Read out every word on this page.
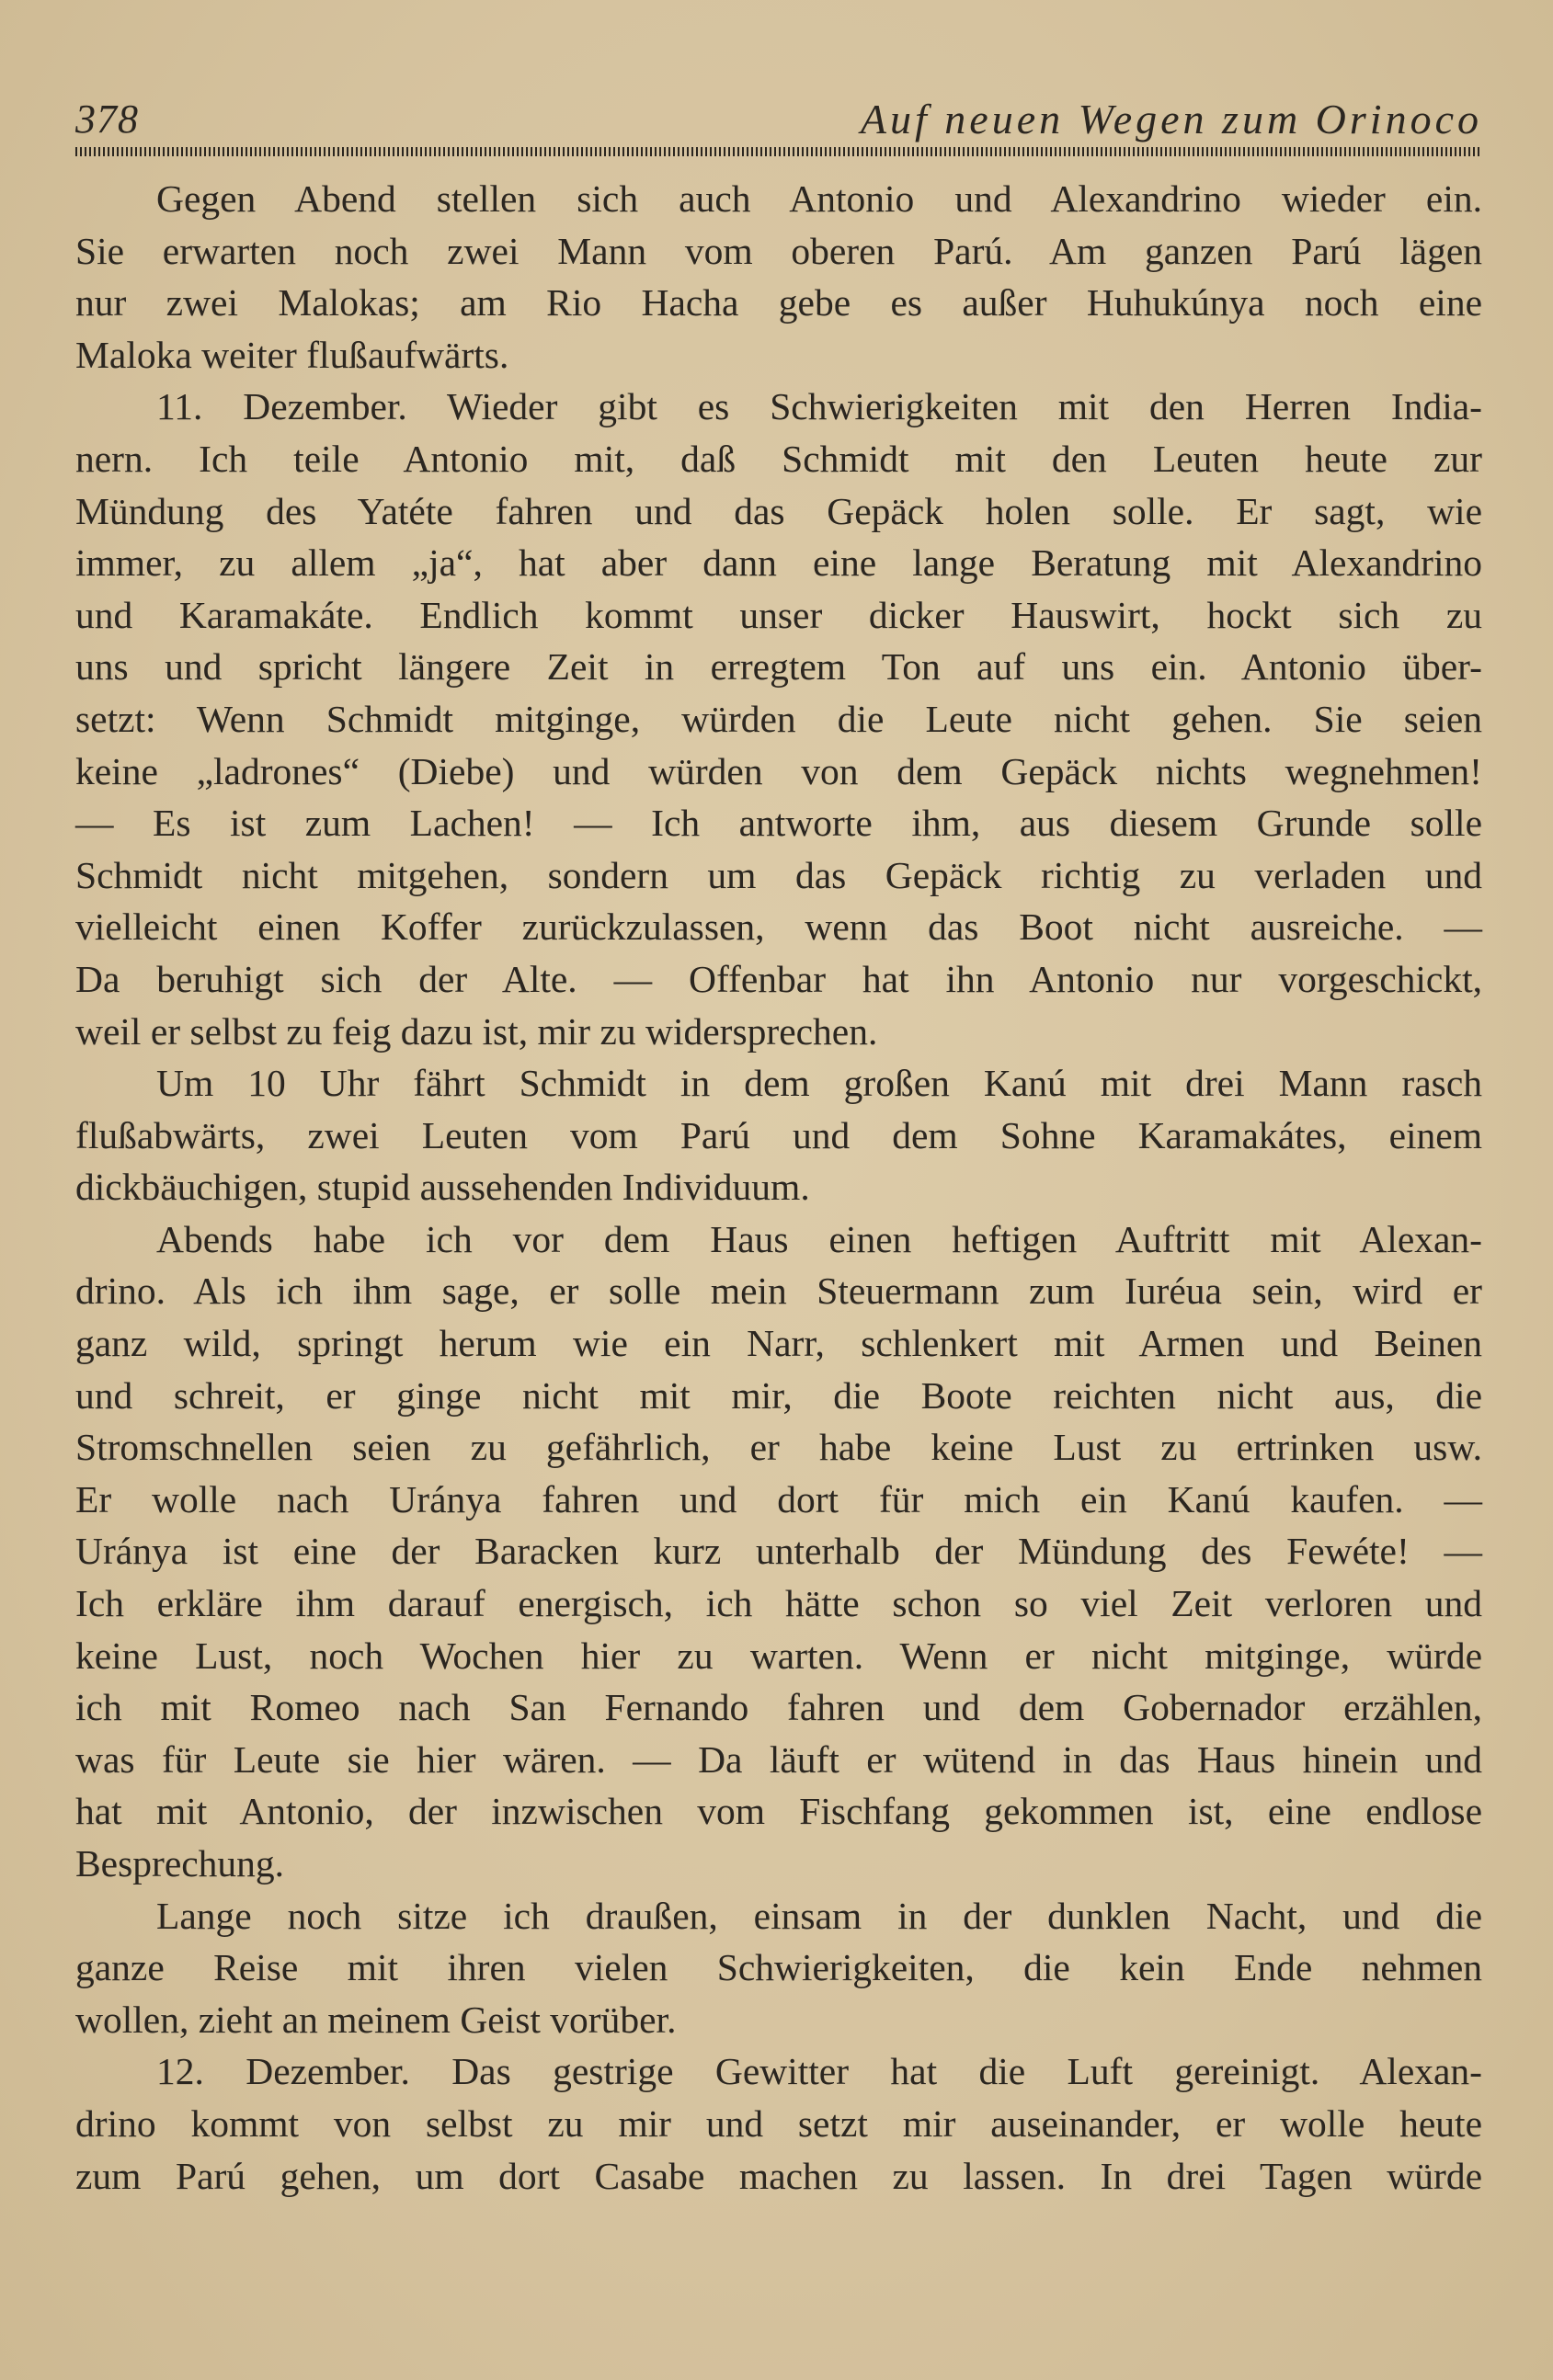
378	Auf neuen Wegen zum Orinoco
Gegen Abend stellen sich auch Antonio und Alexandrino wieder ein.
Sie erwarten noch zwei Mann vom oberen Parú. Am ganzen Parú lägen
nur zwei Malokas; am Rio Hacha gebe es außer Huhukúnya noch eine
Maloka weiter flußaufwärts.
11. Dezember. Wieder gibt es Schwierigkeiten mit den Herren India-
nern. Ich teile Antonio mit, daß Schmidt mit den Leuten heute zur
Mündung des Yatéte fahren und das Gepäck holen solle. Er sagt, wie
immer, zu allem „ja“, hat aber dann eine lange Beratung mit Alexandrino
und Karamakáte. Endlich kommt unser dicker Hauswirt, hockt sich zu
uns und spricht längere Zeit in erregtem Ton auf uns ein. Antonio über-
setzt: Wenn Schmidt mitginge, würden die Leute nicht gehen. Sie seien
keine „ladrones“ (Diebe) und würden von dem Gepäck nichts wegnehmen!
— Es ist zum Lachen! — Ich antworte ihm, aus diesem Grunde solle
Schmidt nicht mitgehen, sondern um das Gepäck richtig zu verladen und
vielleicht einen Koffer zurückzulassen, wenn das Boot nicht ausreiche. —
Da beruhigt sich der Alte. — Offenbar hat ihn Antonio nur vorgeschickt,
weil er selbst zu feig dazu ist, mir zu widersprechen.
Um 10 Uhr fährt Schmidt in dem großen Kanú mit drei Mann rasch
flußabwärts, zwei Leuten vom Parú und dem Sohne Karamakátes, einem
dickbäuchigen, stupid aussehenden Individuum.
Abends habe ich vor dem Haus einen heftigen Auftritt mit Alexan-
drino. Als ich ihm sage, er solle mein Steuermann zum Iuréua sein, wird er
ganz wild, springt herum wie ein Narr, schlenkert mit Armen und Beinen
und schreit, er ginge nicht mit mir, die Boote reichten nicht aus, die
Stromschnellen seien zu gefährlich, er habe keine Lust zu ertrinken usw.
Er wolle nach Uránya fahren und dort für mich ein Kanú kaufen. —
Uránya ist eine der Baracken kurz unterhalb der Mündung des Fewéte! —
Ich erkläre ihm darauf energisch, ich hätte schon so viel Zeit verloren und
keine Lust, noch Wochen hier zu warten. Wenn er nicht mitginge, würde
ich mit Romeo nach San Fernando fahren und dem Gobernador erzählen,
was für Leute sie hier wären. — Da läuft er wütend in das Haus hinein und
hat mit Antonio, der inzwischen vom Fischfang gekommen ist, eine endlose
Besprechung.
Lange noch sitze ich draußen, einsam in der dunklen Nacht, und die
ganze Reise mit ihren vielen Schwierigkeiten, die kein Ende nehmen
wollen, zieht an meinem Geist vorüber.
12. Dezember. Das gestrige Gewitter hat die Luft gereinigt. Alexan-
drino kommt von selbst zu mir und setzt mir auseinander, er wolle heute
zum Parú gehen, um dort Casabe machen zu lassen. In drei Tagen würde
